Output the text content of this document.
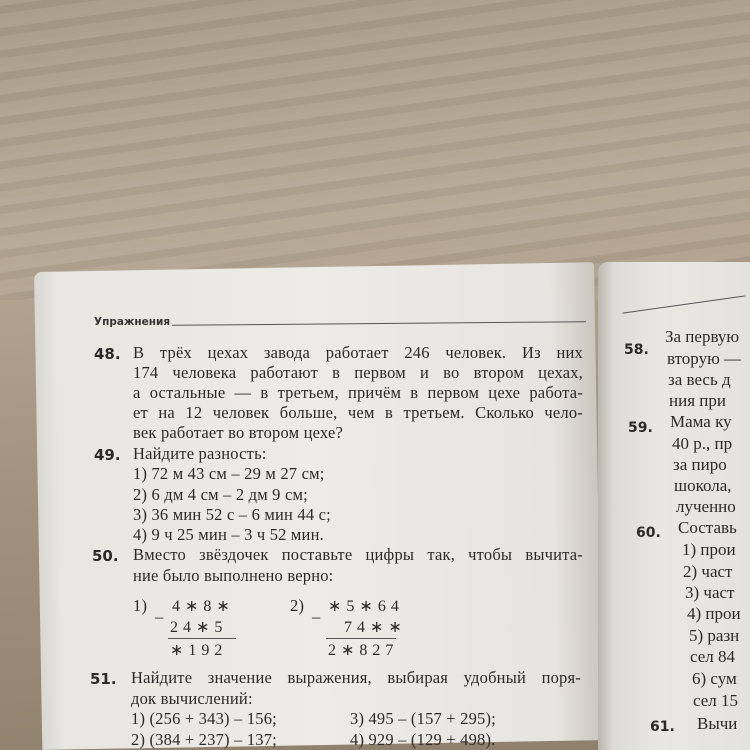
Упражнения
48. В трёх цехах завода работает 246 человек. Из них
174 человека работают в первом и во втором цехах,
а остальные — в третьем, причём в первом цехе работа-
ет на 12 человек больше, чем в третьем. Сколько чело-
век работает во втором цехе?
49. Найдите разность:
1) 72 м 43 см – 29 м 27 см;
2) 6 дм 4 см – 2 дм 9 см;
3) 36 мин 52 с – 6 мин 44 с;
4) 9 ч 25 мин – 3 ч 52 мин.
50. Вместо звёздочек поставьте цифры так, чтобы вычита-
ние было выполнено верно:
1)
–
4∗8∗
24∗5
∗192
2)
–
∗5∗64
74∗∗
2∗827
51. Найдите значение выражения, выбирая удобный поря-
док вычислений:
1) (256 + 343) – 156;
2) (384 + 237) – 137;
3) 495 – (157 + 295);
4) 929 – (129 + 498).
58.
59.
60.
61.
За первую
вторую —
за весь д
ния при
Мама ку
40 р., пр
за пиро
шокола,
лученно
Составь
1) прои
2) част
3) част
4) прои
5) разн
сел 84
6) сум
сел 15
Вычи
